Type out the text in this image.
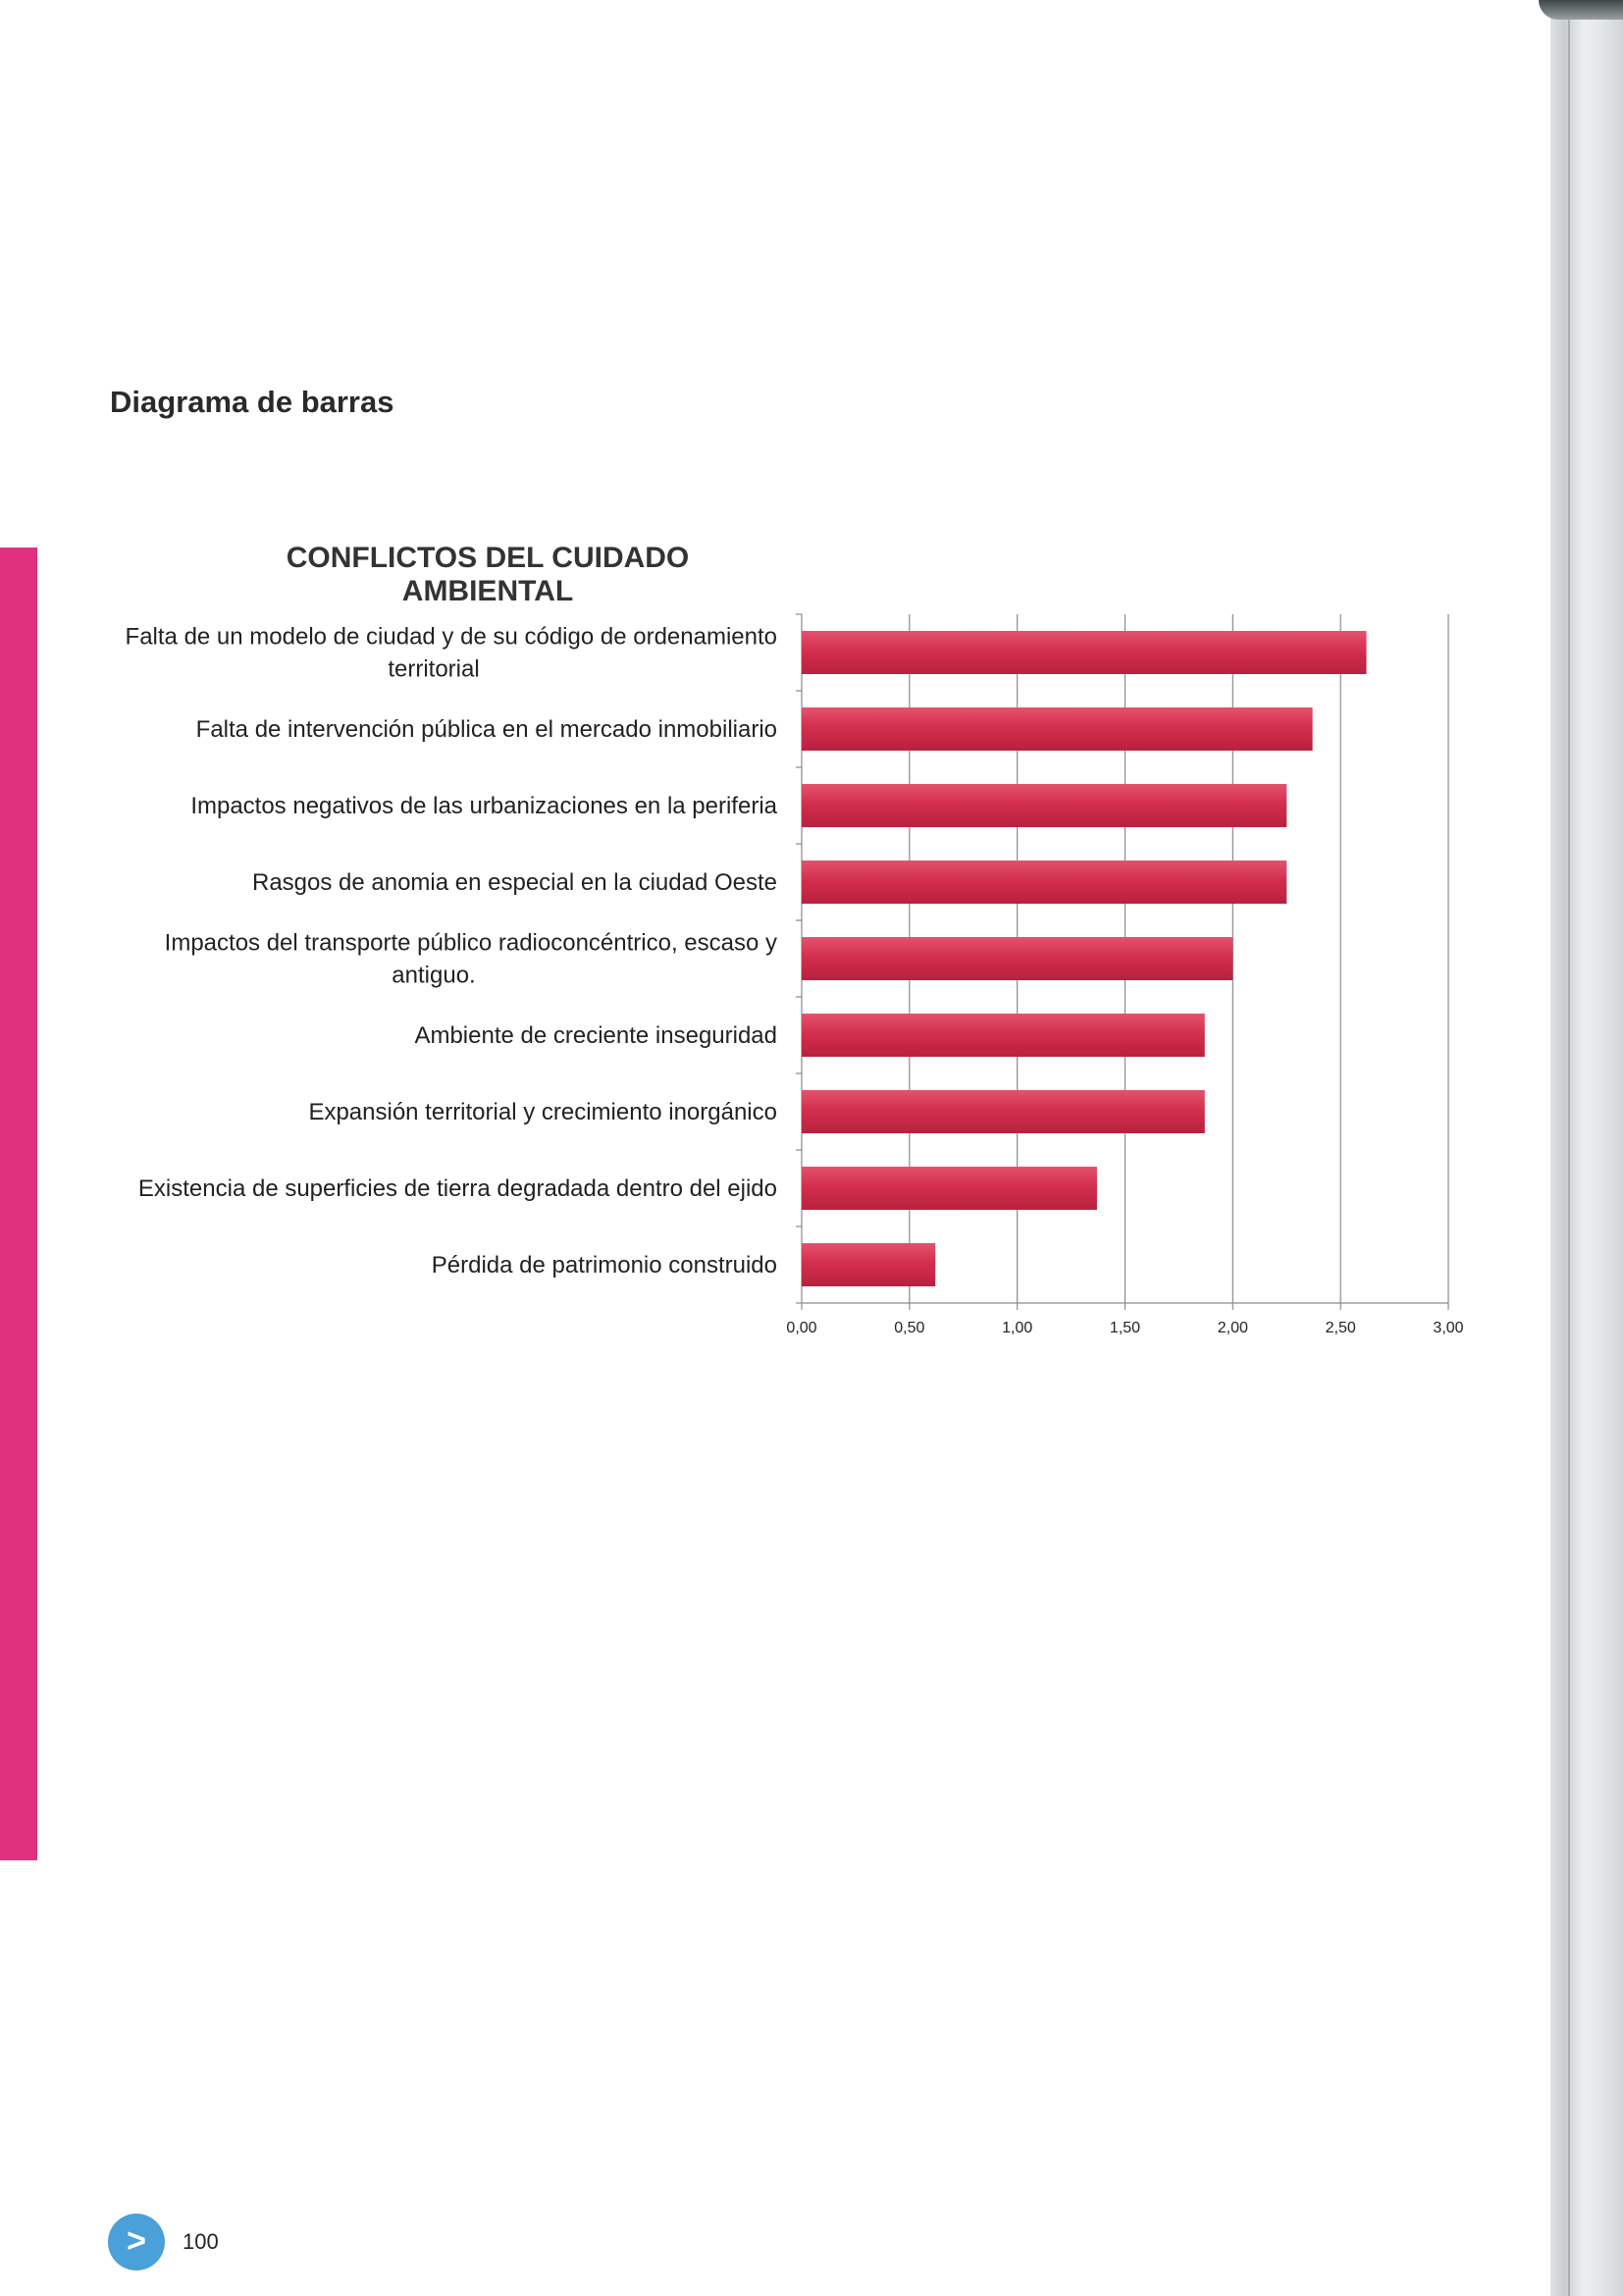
Diagrama de barras
CONFLICTOS DEL CUIDADO AMBIENTAL
Falta de un modelo de ciudad y de su código de ordenamiento territorial
Falta de intervención pública en el mercado inmobiliario
Impactos negativos de las urbanizaciones en la periferia
Rasgos de anomia en especial en la ciudad Oeste
Impactos del transporte público radioconcéntrico, escaso y antiguo.
Ambiente de creciente inseguridad
Expansión territorial y crecimiento inorgánico
Existencia de superficies de tierra degradada dentro del ejido
Pérdida de patrimonio construido
0,00	0,50	1,00	1,50	2,00	2,50	3,00
>	100
